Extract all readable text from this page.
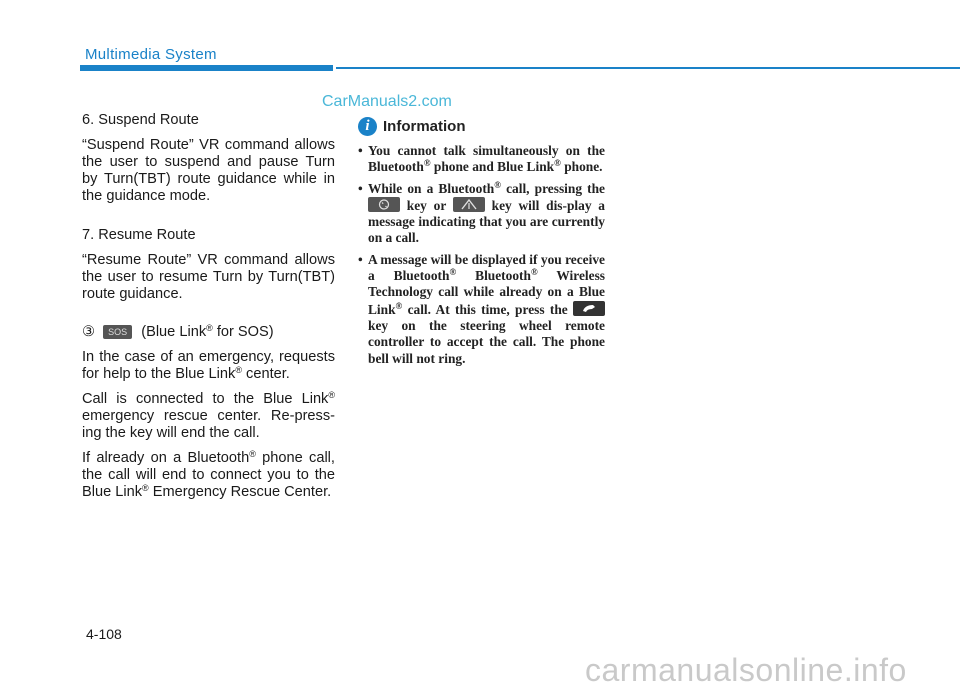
Multimedia System
CarManuals2.com

6. Suspend Route

“Suspend Route” VR command allows the user to suspend and pause Turn by Turn(TBT) route guidance while in the guidance mode.

7. Resume Route

“Resume Route” VR command allows the user to resume Turn by Turn(TBT) route guidance.

③ SOS (Blue Link® for SOS)

In the case of an emergency, requests for help to the Blue Link® center.

Call is connected to the Blue Link® emergency rescue center. Re-press-ing the key will end the call.

If already on a Bluetooth® phone call, the call will end to connect you to the Blue Link® Emergency Rescue Center.

i Information
• You cannot talk simultaneously on the Bluetooth® phone and Blue Link® phone.
• While on a Bluetooth® call, pressing the  key or  key will dis-play a message indicating that you are currently on a call.
• A message will be displayed if you receive a Bluetooth® Bluetooth® Wireless Technology call while already on a Blue Link® call. At this time, press the  key on the steering wheel remote controller to accept the call. The phone bell will not ring.
4-108
carmanualsonline.info
